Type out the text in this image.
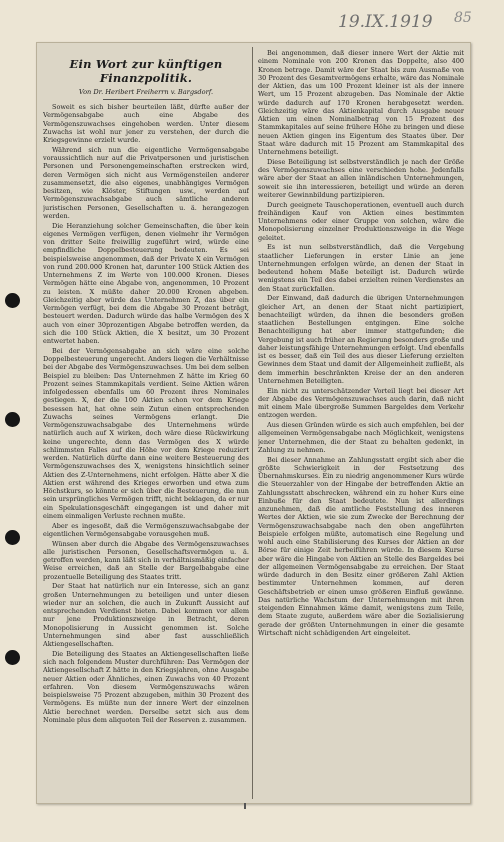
19.IX.1919 85
Ein Wort zur künftigen Finanzpolitik.
Von Dr. Heribert Freiherrn v. Bargsdorf.

Soweit es sich bisher beurteilen läßt, dürfte außer der Vermögensabgabe auch eine Abgabe des Vermögenszuwachses eingehoben werden. Unter diesem Zuwachs ist wohl nur jener zu verstehen, der durch die Kriegsgewinne erzielt wurde.

Während sich nun die eigentliche Vermögensabgabe voraussichtlich nur auf die Privatpersonen und juristischen Personen und Personengemeinschaften erstrecken wird, deren Vermögen sich nicht aus Vermögensteilen anderer zusammensetzt, die also eigenes, unabhängiges Vermögen besitzen, wie Klöster, Stiftungen usw., werden auf Vermögenszuwachsabgabe auch sämtliche anderen juristischen Personen, Gesellschaften u. ä. herangezogen werden.

Die Heranziehung solcher Gemeinschaften, die über kein eigenes Vermögen verfügen, denen vielmehr ihr Vermögen von dritter Seite freiwillig zugeführt wird, würde eine empfindliche Doppelbesteuerung bedeuten. Es sei beispielsweise angenommen, daß der Private X ein Vermögen von rund 200.000 Kronen hat, darunter 100 Stück Aktien des Unternehmens Z im Werte von 100.000 Kronen. Dieses Vermögen hätte eine Abgabe von, angenommen, 10 Prozent zu leisten. X müßte daher 20.000 Kronen abgeben. Gleichzeitig aber würde das Unternehmen Z, das über ein Vermögen verfügt, bei dem die Abgabe 30 Prozent beträgt, besteuert werden. Dadurch würde das halbe Vermögen des X auch von einer 30prozentigen Abgabe betroffen werden, da sich die 100 Stück Aktien, die X besitzt, um 30 Prozent entwertet haben.

Bei der Vermögensabgabe an sich wäre eine solche Doppelbesteuerung ungerecht. Anders liegen die Verhältnisse bei der Abgabe des Vermögenszuwachses. Um bei dem selben Beispiel zu bleiben: Das Unternehmen Z hätte im Krieg 60 Prozent seines Stammkapitals verdient. Seine Aktien wären infolgedessen ebenfalls um 60 Prozent ihres Nominales gestiegen. X, der die 100 Aktien schon vor dem Kriege besessen hat, hat ohne sein Zutun einen entsprechenden Zuwachs seines Vermögens erlangt. Die Vermögenszuwachsabgabe des Unternehmens würde natürlich auch auf X wirken, doch wäre diese Rückwirkung keine ungerechte, denn das Vermögen des X würde schlimmsten Falles auf die Höhe vor dem Kriege reduziert werden. Natürlich dürfte dann eine weitere Besteuerung des Vermögenszuwachses des X, wenigstens hinsichtlich seiner Aktien des Z-Unternehmens, nicht erfolgen. Hätte aber X die Aktien erst während des Krieges erworben und etwa zum Höchstkurs, so könnte er sich über die Besteuerung, die nun sein ursprüngliches Vermögen trifft, nicht beklagen, da er nur ein Spekulationsgeschäft eingegangen ist und daher mit einem einmaligen Verluste rechnen mußte.

Aber es ingesoßt, daß die Vermögenszuwachsabgabe der eigentlichen Vermögensabgabe vorausgehen muß.

Wünsen aber durch die Abgabe des Vermögenszuwachses alle juristischen Personen, Gesellschaftsvermögen u. ä. getroffen werden, kann läßt sich in verhältnismäßig einfacher Weise erreichen, daß an Stelle der Bargelbabgabe eine prozentuelle Beteiligung des Staates tritt.

Der Staat hat natürlich nur ein Interesse, sich an ganz großen Unternehmungen zu beteiligen und unter diesen wieder nur an solchen, die auch in Zukunft Aussicht auf entsprechenden Verdienst bieten. Dabei kommen vor allem nur jene Produktionszweige in Betracht, deren Monopolisierung in Aussicht genommen ist. Solche Unternehmungen sind aber fast ausschließlich Aktiengesellschaften.

Die Beteiligung des Staates an Aktiengesellschaften ließe sich nach folgendem Muster durchführen: Das Vermögen der Aktiengesellschaft Z hätte in den Kriegsjahren, ohne Ausgabe neuer Aktien oder Ähnliches, einen Zuwachs von 40 Prozent erfahren. Von diesem Vermögenszuwachs wären beispielsweise 75 Prozent abzugeben, mithin 30 Prozent des Vermögens. Es müßte nun der innere Wert der einzelnen Aktie berechnet werden. Derselbe setzt sich aus dem Nominale plus dem aliquoten Teil der Reserven z. zusammen.

Bei angenommen, daß dieser innere Wert der Aktie mit einem Nominale von 200 Kronen das Doppelte, also 400 Kronen betrage. Damit wäre der Staat bis zum Ausmaße von 30 Prozent des Gesamtvermögens erhalte, wäre das Nominale der Aktien, das um 100 Prozent kleiner ist als der innere Wert, um 15 Prozent abzugeben. Das Nominale der Aktie würde dadurch auf 170 Kronen herabgesetzt werden. Gleichzeitig wäre das Aktienkapital durch Ausgabe neuer Aktien um einen Nominalbetrag von 15 Prozent des Stammkapitales auf seine frühere Höhe zu bringen und diese neuen Aktien gingen ins Eigentum des Staates über. Der Staat wäre dadurch mit 15 Prozent am Stammkapital des Unternehmens beteiligt.

Diese Beteiligung ist selbstverständlich je nach der Größe des Vermögenszuwachses eine verschieden hohe. Jedenfalls wäre aber der Staat an allen inländischen Unternehmungen, soweit sie ihn interessieren, beteiligt und würde an deren weiterer Gewinnbildung partizipieren.

Durch geeignete Tauschoperationen, eventuell auch durch freihändigen Kauf von Aktien eines bestimmten Unternehmens oder einer Gruppe von solchen, wäre die Monopolisierung einzelner Produktionszweige in die Wege geleitet.

Es ist nun selbstverständlich, daß die Vergebung staatlicher Lieferungen in erster Linie an jene Unternehmungen erfolgen würde, an denen der Staat in bedeutend hohem Maße beteiligt ist. Dadurch würde wenigstens ein Teil des dabei erzielten reinen Verdienstes an den Staat zurückfallen.

Der Einwand, daß dadurch die übrigen Unternehmungen gleicher Art, an denen der Staat nicht partizipiert, benachteiligt würden, da ihnen die besonders großen staatlichen Bestellungen entgingen. Eine solche Benachteiligung hat aber immer stattgefunden; die Vergebung ist auch früher an Regierung besonders große und daher leistungsfähige Unternehmungen erfolgt. Und ebenfalls ist es besser, daß ein Teil des aus dieser Lieferung erzielten Gewinnes dem Staat und damit der Allgemeinheit zufließt, als dem immerhin beschränkten Kreise der an den anderen Unternehmen Beteiligten.

Ein nicht zu unterschätzender Vorteil liegt bei dieser Art der Abgabe des Vermögenszuwachses auch darin, daß nicht mit einem Male übergroße Summen Bargeldes dem Verkehr entzogen werden.

Aus diesen Gründen würde es sich auch empfehlen, bei der allgemeinen Vermögensabgabe nach Möglichkeit, wenigstens jener Unternehmen, die der Staat zu behalten gedenkt, in Zahlung zu nehmen.

Bei dieser Annahme an Zahlungsstatt ergibt sich aber die größte Schwierigkeit in der Festsetzung des Übernahmskurses. Ein zu niedrig angenommener Kurs würde die Steuerzahler von der Hingabe der betreffenden Aktie an Zahlungsstatt abschrecken, während ein zu hoher Kurs eine Einbuße für den Staat bedeutete. Nun ist allerdings anzunehmen, daß die amtliche Feststellung des inneren Wertes der Aktien, wie sie zum Zwecke der Berechnung der Vermögenszuwachsabgabe nach den oben angeführten Beispiele erfolgen müßte, automatisch eine Regelung und wohl auch eine Stabilisierung des Kurses der Aktien an der Börse für einige Zeit herbeiführen würde. In diesem Kurse aber wäre die Hingabe von Aktien an Stelle des Bargeldes bei der allgemeinen Vermögensabgabe zu erreichen. Der Staat würde dadurch in den Besitz einer größeren Zahl Aktien bestimmter Unternehmen kommen, auf deren Geschäftsbetrieb er einen umso größeren Einfluß gewänne. Das natürliche Wachstum der Unternehmungen mit ihren steigenden Einnahmen käme damit, wenigstens zum Teile, dem Staate zugute, außerdem wäre aber die Sozialisierung gerade der größten Unternehmungen in einer die gesamte Wirtschaft nicht schädigenden Art eingeleitet.
